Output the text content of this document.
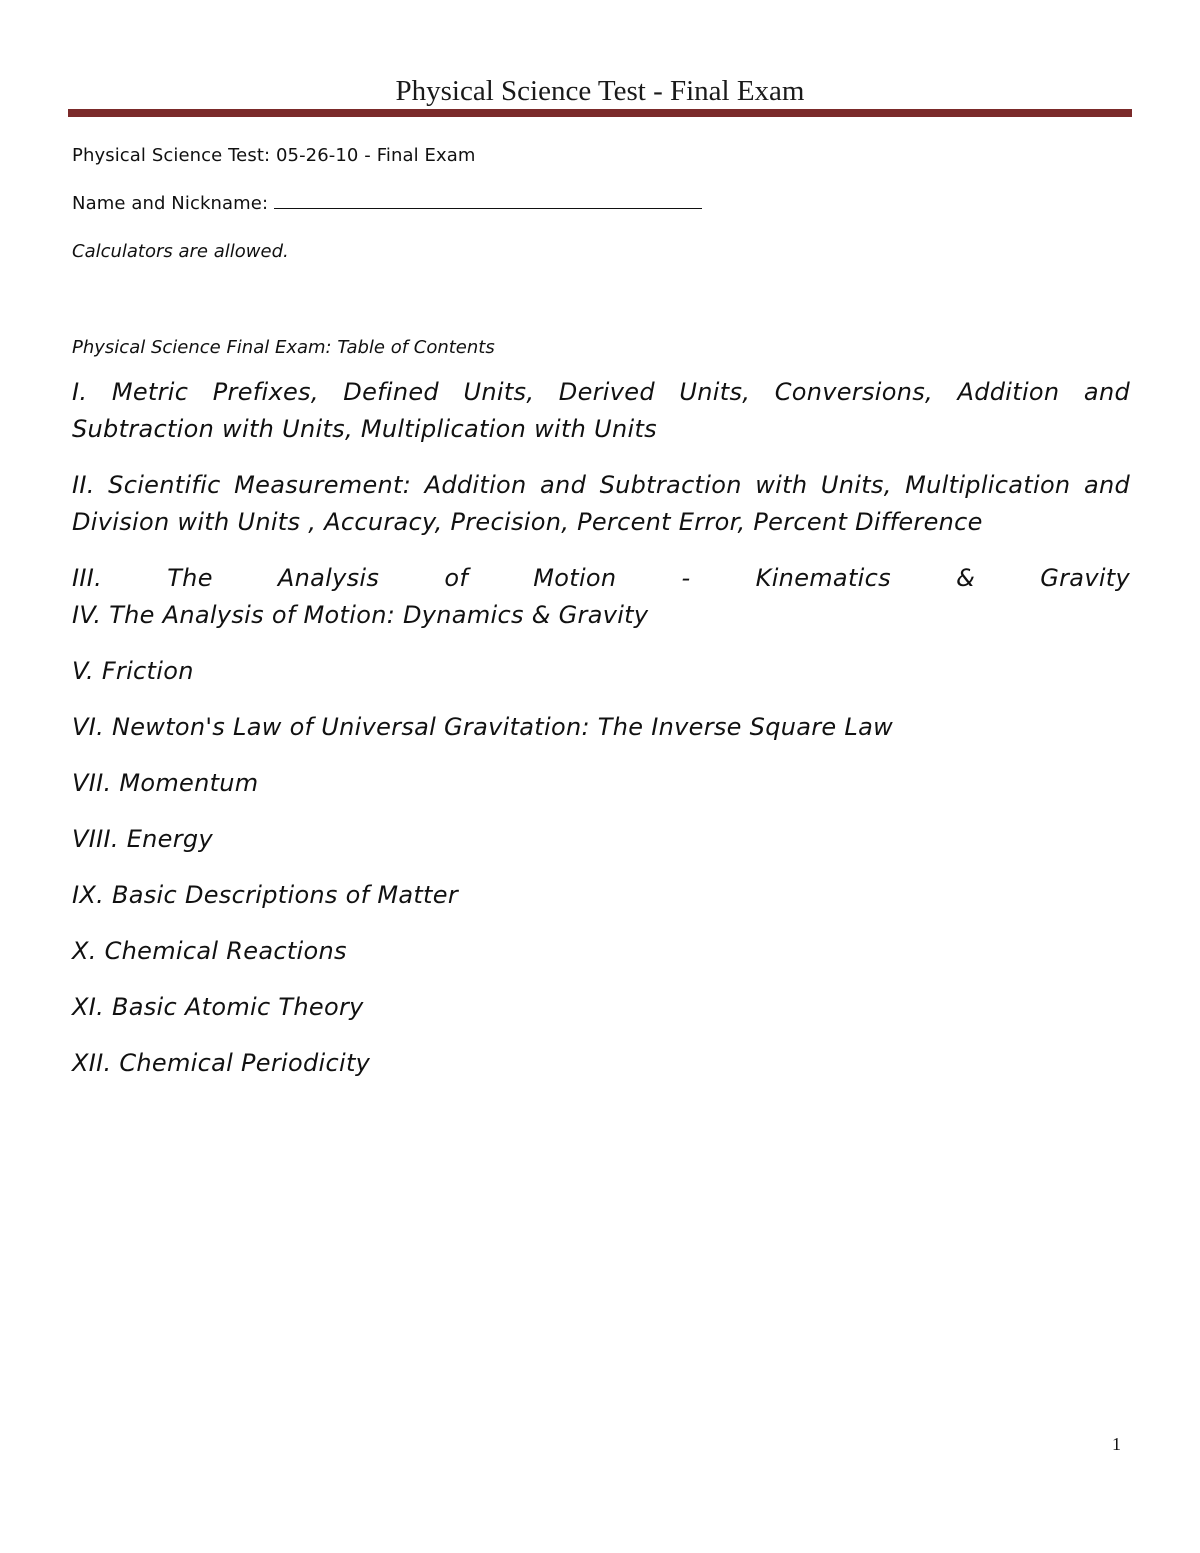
Physical Science Test - Final Exam

Physical Science Test: 05-26-10 - Final Exam

Name and Nickname:

Calculators are allowed.

Physical Science Final Exam: Table of Contents

I. Metric Prefixes, Defined Units, Derived Units, Conversions, Addition and Subtraction with Units, Multiplication with Units

II. Scientific Measurement: Addition and Subtraction with Units, Multiplication and Division with Units , Accuracy, Precision, Percent Error, Percent Difference

III. The Analysis of Motion - Kinematics & Gravity

IV. The Analysis of Motion: Dynamics & Gravity

V. Friction

VI. Newton's Law of Universal Gravitation: The Inverse Square Law

VII. Momentum

VIII. Energy

IX. Basic Descriptions of Matter

X. Chemical Reactions

XI. Basic Atomic Theory

XII. Chemical Periodicity

1
